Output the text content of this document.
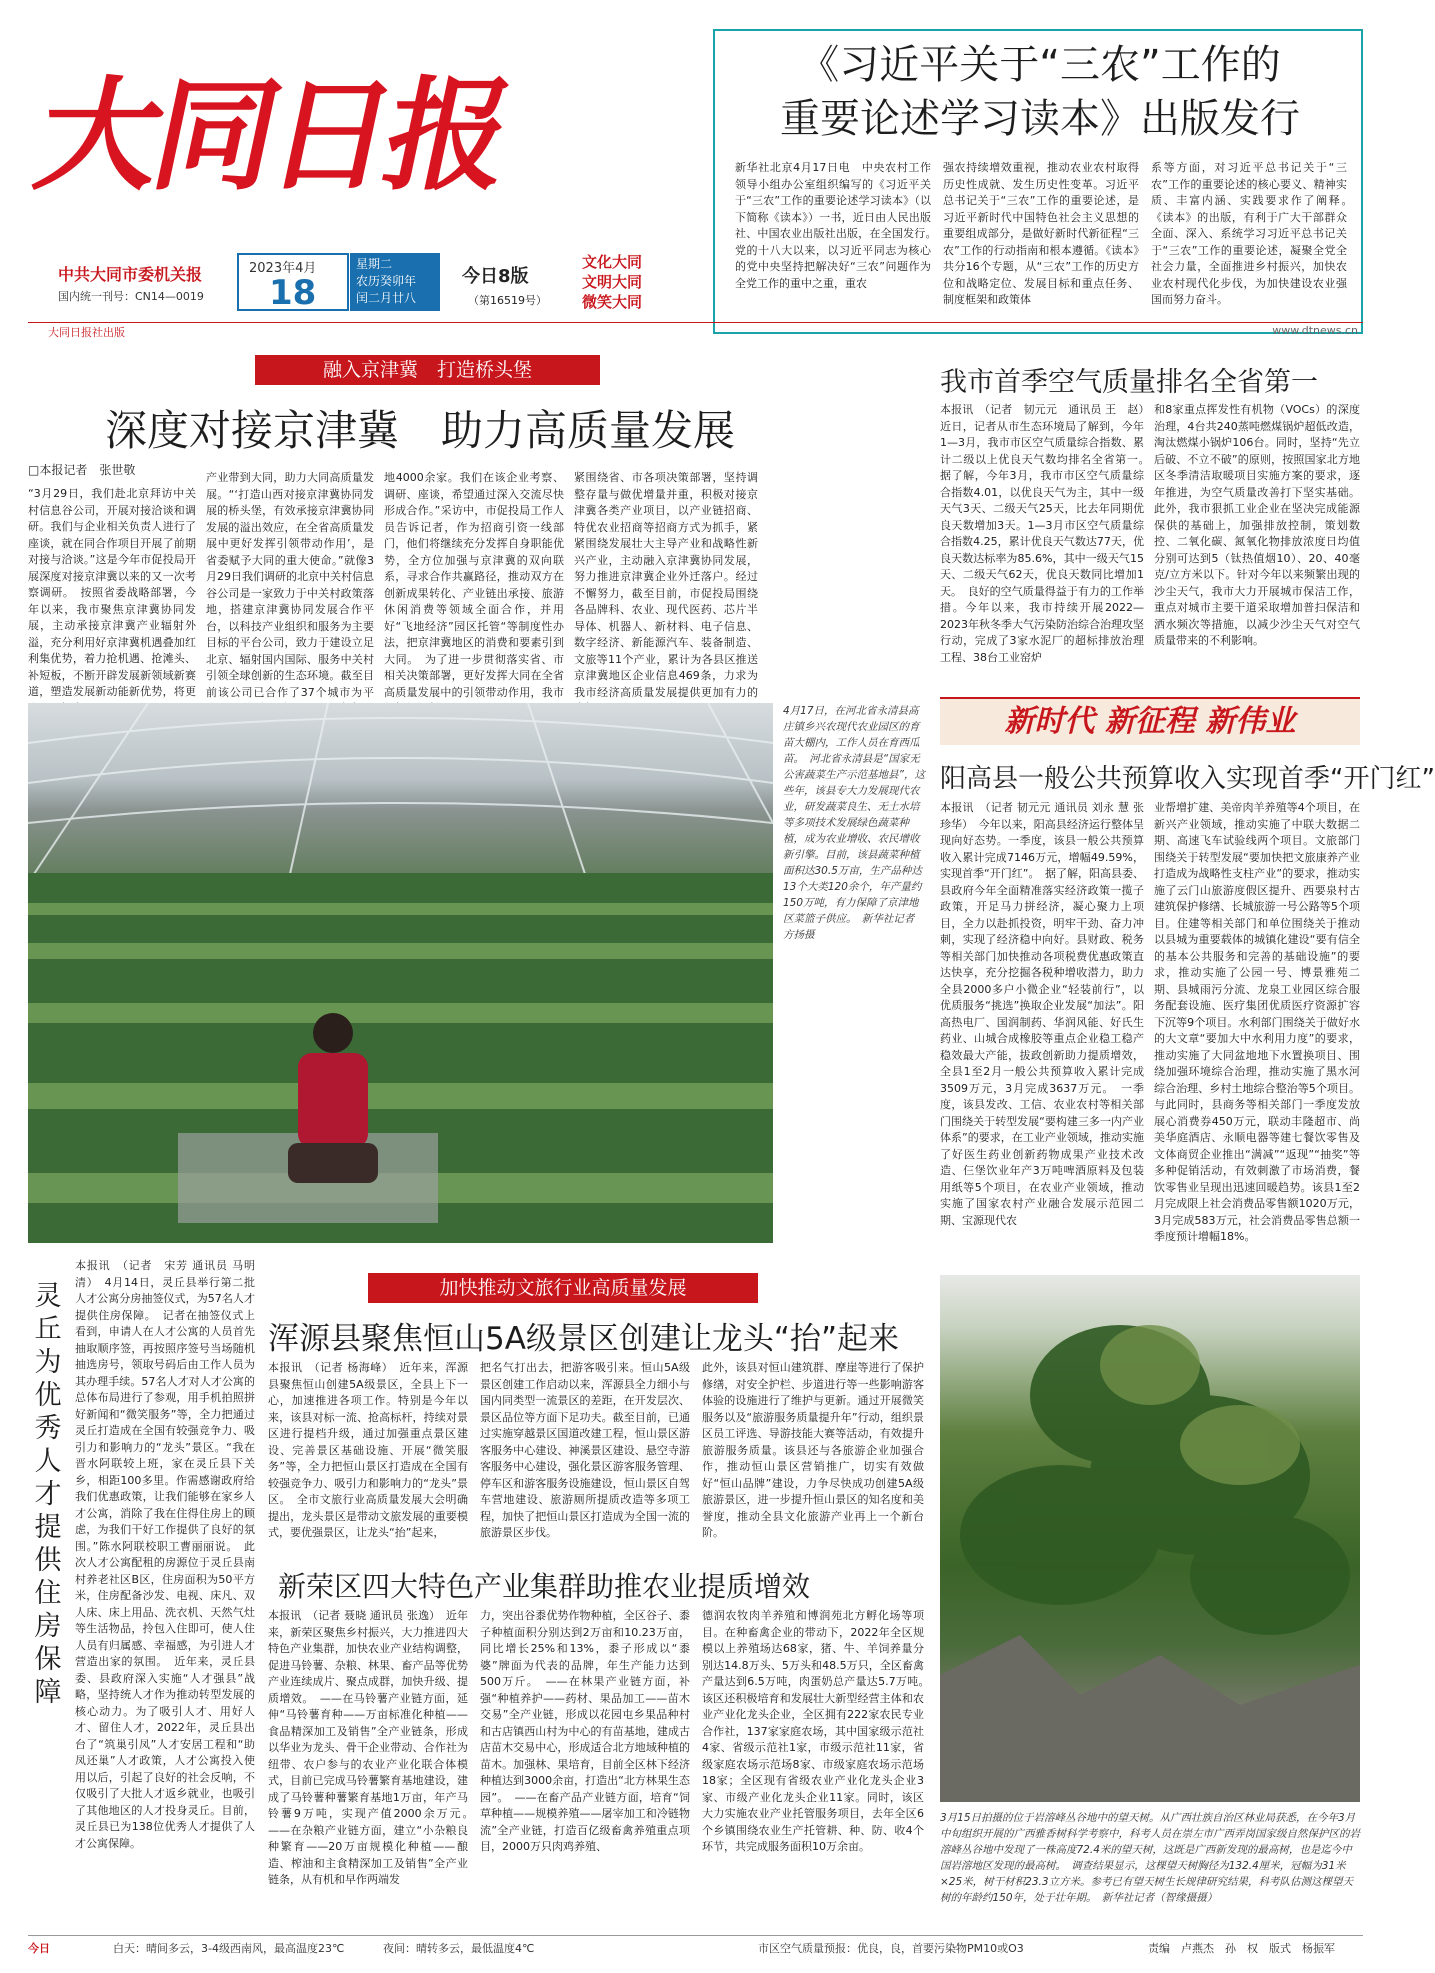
大同日报
中共大同市委机关报
国内统一刊号：CN14—0019
2023年4月
18
星期二
农历癸卯年
闰二月廿八
今日8版
（第16519号）
文化大同
文明大同
微笑大同
《习近平关于“三农”工作的
重要论述学习读本》出版发行
新华社北京4月17日电　中央农村工作领导小组办公室组织编写的《习近平关于“三农”工作的重要论述学习读本》（以下简称《读本》）一书，近日由人民出版社、中国农业出版社出版，在全国发行。　党的十八大以来，以习近平同志为核心的党中央坚持把解决好“三农”问题作为全党工作的重中之重，重农
强农持续增效重视，推动农业农村取得历史性成就、发生历史性变革。习近平总书记关于“三农”工作的重要论述，是习近平新时代中国特色社会主义思想的重要组成部分，是做好新时代新征程“三农”工作的行动指南和根本遵循。《读本》共分16个专题，从“三农”工作的历史方位和战略定位、发展目标和重点任务、制度框架和政策体
系等方面，对习近平总书记关于“三农”工作的重要论述的核心要义、精神实质、丰富内涵、实践要求作了阐释。　《读本》的出版，有利于广大干部群众全面、深入、系统学习习近平总书记关于“三农”工作的重要论述，凝聚全党全社会力量，全面推进乡村振兴，加快农业农村现代化步伐，为加快建设农业强国而努力奋斗。
大同日报社出版	www.dtnews.cn
融入京津冀　打造桥头堡
深度对接京津冀　助力高质量发展
□本报记者　张世敬
“3月29日，我们赴北京拜访中关村信息谷公司，开展对接洽谈和调研。我们与企业相关负责人进行了座谈，就在同合作项目开展了前期对接与洽谈。”这是今年市促投局开展深度对接京津冀以来的又一次考察调研。　按照省委战略部署，今年以来，我市聚焦京津冀协同发展，主动承接京津冀产业辐射外溢，充分利用好京津冀机遇叠加红利集优势，着力抢机遇、抢滩头、补短板，不断开辟发展新领域新赛道，塑造发展新动能新优势，将更
产业带到大同，助力大同高质量发展。“‘打造山西对接京津冀协同发展的桥头堡，有效承接京津冀协同发展的溢出效应，在全省高质量发展中更好发挥引领带动作用’，是省委赋予大同的重大使命。”就像3月29日我们调研的北京中关村信息谷公司是一家致力于中关村政策落地，搭建京津冀协同发展合作平台，以科技产业组织和服务为主要目标的平台公司，致力于建设立足北京、辐射国内国际、服务中关村引领全球创新的生态环境。截至目前该公司已合作了37个城市为平
地4000余家。我们在该企业考察、调研、座谈，希望通过深入交流尽快形成合作。”采访中，市促投局工作人员告诉记者，作为招商引资一线部门，他们将继续充分发挥自身职能优势，全方位加强与京津冀的双向联系，寻求合作共赢路径，推动双方在创新成果转化、产业链出承接、旅游休闲消费等领域全面合作，并用好“飞地经济”园区托管“等制度性办法，把京津冀地区的消费和要素引到大同。　为了进一步贯彻落实省、市相关决策部署，更好发挥大同在全省高质量发展中的引领带动作用，我市
紧围绕省、市各项决策部署，坚持调整存量与做优增量并重，积极对接京津冀各类产业项目，以产业链招商、特优农业招商等招商方式为抓手，紧紧围绕发展壮大主导产业和战略性新兴产业，主动融入京津冀协同发展，努力推进京津冀企业外迁落户。经过不懈努力，截至目前，市促投局围绕各品牌科、农业、现代医药、芯片半导体、机器人、新材料、电子信息、数字经济、新能源汽车、装备制造、文旅等11个产业，累计为各县区推送京津冀地区企业信息469条，力求为我市经济高质量发展提供更加有力的
我市首季空气质量排名全省第一
本报讯　（记者　韧元元　通讯员 王　赵）　近日，记者从市生态环境局了解到，今年1—3月，我市市区空气质量综合指数、累计二级以上优良天气数均排名全省第一。　据了解，今年3月，我市市区空气质量综合指数4.01，以优良天气为主，其中一级天气3天、二级天气25天，比去年同期优良天数增加3天。1—3月市区空气质量综合指数4.25，累计优良天气数达77天，优良天数达标率为85.6%，其中一级天气15天、二级天气62天，优良天数同比增加1天。　良好的空气质量得益于有力的工作举措。今年以来，我市持续开展2022—2023年秋冬季大气污染防治综合治理攻坚行动，完成了3家水泥厂的超标排放治理工程、38台工业窑炉
和8家重点挥发性有机物（VOCs）的深度治理，4台共240蒸吨燃煤锅炉超低改造，淘汰燃煤小锅炉106台。同时，坚持“先立后破、不立不破”的原则，按照国家北方地区冬季清洁取暖项目实施方案的要求，逐年推进，为空气质量改善打下坚实基础。此外，我市狠抓工业企业在坚决完成能源保供的基础上，加强排放控制，策划数控、二氧化碳、氮氧化物排放浓度日均值分别可达到5（钛热值烟10）、20、40毫克/立方米以下。针对今年以来频繁出现的沙尘天气，我市大力开展城市保洁工作，重点对城市主要干道采取增加普扫保洁和洒水频次等措施，以减少沙尘天气对空气质量带来的不利影响。
4月17日，在河北省永清县高庄镇乡兴农现代农业园区的育苗大棚内，工作人员在育西瓜苗。　河北省永清县是“国家无公害蔬菜生产示范基地县”，这些年，该县专大力发展现代农业，研发蔬菜良生、无土水培等多项技术发展绿色蔬菜种植，成为农业增收、农民增收新引擎。目前，该县蔬菜种植面积达30.5万亩，生产品种达13个大类120余个，年产量约150万吨，有力保障了京津地区菜篮子供应。　新华社记者　方扬摄
新时代 新征程 新伟业
阳高县一般公共预算收入实现首季“开门红”
本报讯　（记者 韧元元 通讯员 刘永 慧 张珍华）　今年以来，阳高县经济运行整体呈现向好态势。一季度，该县一般公共预算收入累计完成7146万元，增幅49.59%，实现首季“开门红”。　据了解，阳高县委、县政府今年全面精准落实经济政策一揽子政策，开足马力拼经济，凝心聚力上项目，全力以赴抓投资，明牢干劲、奋力冲刺，实现了经济稳中向好。县财政、税务等相关部门加快推动各项税费优惠政策直达快享，充分挖掘各税种增收潜力，助力全县2000多户小微企业“轻装前行”，以优质服务“挑选”换取企业发展“加法”。阳高热电厂、国润制药、华润风能、好氏生药业、山城合成橡胶等重点企业稳工稳产稳效最大产能，拔政创新助力提质增效，全县1至2月一般公共预算收入累计完成3509万元，3月完成3637万元。　一季度，该县发改、工信、农业农村等相关部门围绕关于转型发展“要构建三多一内产业体系”的要求，在工业产业领域，推动实施了好医生药业创新药物成果产业技术改造、仨堡饮业年产3万吨啤酒原料及包装用纸等5个项目，在农业产业领域，推动实施了国家农村产业融合发展示范园二期、宝源现代农
业帮增扩建、美帝肉羊养殖等4个项目，在新兴产业领域，推动实施了中联大数据二期、高速飞车试验线两个项目。文旅部门围绕关于转型发展“要加快把文旅康养产业打造成为战略性支柱产业”的要求，推动实施了云门山旅游度假区提升、西要泉村古建筑保护修缮、长城旅游一号公路等5个项目。住建等相关部门和单位围绕关于推动以县城为重要载体的城镇化建设“要有信全的基本公共服务和完善的基础设施”的要求，推动实施了公园一号、博景雅苑二期、县城雨污分流、龙泉工业园区综合服务配套设施、医疗集团优质医疗资源扩容下沉等9个项目。水利部门围绕关于做好水的大文章“要加大中水利用力度”的要求，推动实施了大同盆地地下水置换项目、围绕加强环境综合治理，推动实施了黑水河综合治理、乡村土地综合整治等5个项目。与此同时，县商务等相关部门一季度发放展心消费券450万元，联动丰隆超市、尚美华庭酒店、永顺电器等建七餐饮零售及文体商贸企业推出“满减”“返现”“抽奖”等多种促销活动，有效刺激了市场消费，餐饮零售业呈现出迅速回暖趋势。该县1至2月完成限上社会消费品零售额1020万元，3月完成583万元，社会消费品零售总额一季度预计增幅18%。
灵丘为优秀人才提供住房保障
本报讯　（记者　宋芳 通讯员 马明清）　4月14日，灵丘县举行第二批人才公寓分房抽签仪式，为57名人才提供住房保障。　记者在抽签仪式上看到，申请人在人才公寓的人员首先抽取顺序签，再按照序签号当场随机抽选房号，领取号码后由工作人员为其办理手续。57名人才对人才公寓的总体布局进行了参观，用手机拍照拼好新闻和“微笑服务”等，全力把通过灵丘打造成在全国有较强竞争力、吸引力和影响力的“龙头”景区。“我在晋水阿联较上班，家在灵丘县下关乡，相距100多里。作需感谢政府给我们优惠政策，让我们能够在家乡人才公寓，消除了我在住得住房上的顾虑，为我们干好工作提供了良好的氛围。”陈水阿联校职工曹丽丽说。　此次人才公寓配租的房源位于灵丘县南村养老社区B区，住房面积为50平方米，住房配备沙发、电视、床凡、双人床、床上用品、洗衣机、天然气灶等生活物品，拎包入住即可，使人住人员有归属感、幸福感，为引进人才营造出家的氛围。　近年来，灵丘县委、县政府深入实施“人才强县”战略，坚持统人才作为推动转型发展的核心动力。为了吸引人才、用好人才、留住人才，2022年，灵丘县出台了“筑巢引凤”人才安居工程和“助凤还巢”人才政策，人才公寓投入使用以后，引起了良好的社会反响，不仅吸引了大批人才返乡就业，也吸引了其他地区的人才投身灵丘。目前，灵丘县已为138位优秀人才提供了人才公寓保障。
加快推动文旅行业高质量发展
浑源县聚焦恒山5A级景区创建让龙头“抬”起来
本报讯　（记者 杨海峰）　近年来，浑源县聚焦恒山创建5A级景区，全县上下一心，加速推进各项工作。特别是今年以来，该县对标一流、抢高标杆，持续对景区进行提档升级，通过加强重点景区建设、完善景区基础设施、开展“微笑服务”等，全力把恒山景区打造成在全国有较强竞争力、吸引力和影响力的“龙头”景区。　全市文旅行业高质量发展大会明确提出，龙头景区是带动文旅发展的重要模式，要优强景区，让龙头“抬”起来，
把名气打出去，把游客吸引来。恒山5A级景区创建工作启动以来，浑源县全力细小与国内同类型一流景区的差距，在开发层次、景区品位等方面下足功夫。截至目前，已通过实施穿越景区国道改建工程，恒山景区游客服务中心建设、神溪景区建设、悬空寺游客服务中心建设，强化景区游客服务管理、停车区和游客服务设施建设，恒山景区自驾车营地建设、旅游厕所提质改造等多项工程，加快了把恒山景区打造成为全国一流的旅游景区步伐。
此外，该县对恒山建筑群、摩崖等进行了保护修缮，对安全护栏、步道进行等一些影响游客体验的设施进行了维护与更新。通过开展微笑服务以及“旅游服务质量提升年”行动，组织景区员工评选、导游技能大赛等活动，有效提升旅游服务质量。该县还与各旅游企业加强合作，推动恒山景区营销推广，切实有效做好“恒山品牌”建设，力争尽快成功创建5A级旅游景区，进一步提升恒山景区的知名度和美誉度，推动全县文化旅游产业再上一个新台阶。
新荣区四大特色产业集群助推农业提质增效
本报讯　（记者 聂晓 通讯员 张逸）　近年来，新荣区聚焦乡村振兴，大力推进四大特色产业集群，加快农业产业结构调整，促进马铃薯、杂粮、林果、畜产品等优势产业连续成片、聚点成群，加快升级、提质增效。　——在马铃薯产业链方面，延伸“马铃薯育种——万亩标准化种植——食品精深加工及销售”全产业链条，形成以华业为龙头、骨干企业带动、合作社为纽带、农户参与的农业产业化联合体模式，目前已完成马铃薯繁育基地建设，建成了马铃薯种薯繁育基地1万亩，年产马铃薯9万吨，实现产值2000余万元。　——在杂粮产业链方面，建立“小杂粮良种繁育——20万亩规模化种植——酿造、榨油和主食精深加工及销售”全产业链条，从有机和早作两端发
力，突出谷黍优势作物种植，全区谷子、黍子种植面积分别达到2万亩和10.23万亩，同比增长25%和13%，黍子形成以“黍婆”牌面为代表的品牌，年生产能力达到500万斤。　——在林果产业链方面，补强“种植养护——药材、果品加工——苗木交易”全产业链，形成以花园屯乡果品种村和古店镇西山村为中心的有苗基地，建成古店苗木交易中心，形成适合北方地域种植的苗木。加强林、果培育，目前全区林下经济种植达到3000余亩，打造出“北方林果生态园”。　——在畜产品产业链方面，培育“饲草种植——规模养殖——屠宰加工和冷链物流”全产业链，打造百亿级畜禽养殖重点项目，2000万只肉鸡养殖、
德润农牧肉羊养殖和博润苑北方孵化场等项目。在种畜禽企业的带动下，2022年全区规模以上养殖场达68家，猪、牛、羊饲养量分别达14.8万头、5万头和48.5万只，全区畜禽产量达到6.5万吨，肉蛋奶总产量达5.7万吨。　该区还积极培育和发展壮大新型经营主体和农业产业化龙头企业，全区拥有222家农民专业合作社，137家家庭农场，其中国家级示范社4家、省级示范社1家，市级示范社11家，省级家庭农场示范场8家、市级家庭农场示范场18家；全区现有省级农业产业化龙头企业3家、市级产业化龙头企业11家。同时，该区大力实施农业产业托管服务项目，去年全区6个乡镇围绕农业生产托管耕、种、防、收4个环节，共完成服务面积10万余亩。
3月15日拍摄的位于岩溶峰丛谷地中的望天树。从广西壮族自治区林业局获悉，在今年3月中旬组织开展的广西雅香树科学考察中，科考人员在崇左市广西弄岗国家级自然保护区的岩溶峰丛谷地中发现了一株高度72.4米的望天树，这既是广西新发现的最高树，也是迄今中国岩溶地区发现的最高树。　调查结果显示，这棵望天树胸径为132.4厘米，冠幅为31米×25米，树干材积23.3立方米。参考已有望天树生长规律研究结果，科考队估测这棵望天树的年龄约150年，处于壮年期。　新华社记者（智缘摄摄）
今日	白天：晴间多云，3-4级西南风，最高温度23℃	夜间：晴转多云，最低温度4℃	市区空气质量预报：优良，良，首要污染物PM10或O3	责编　卢燕杰　孙　权　版式　杨振军
